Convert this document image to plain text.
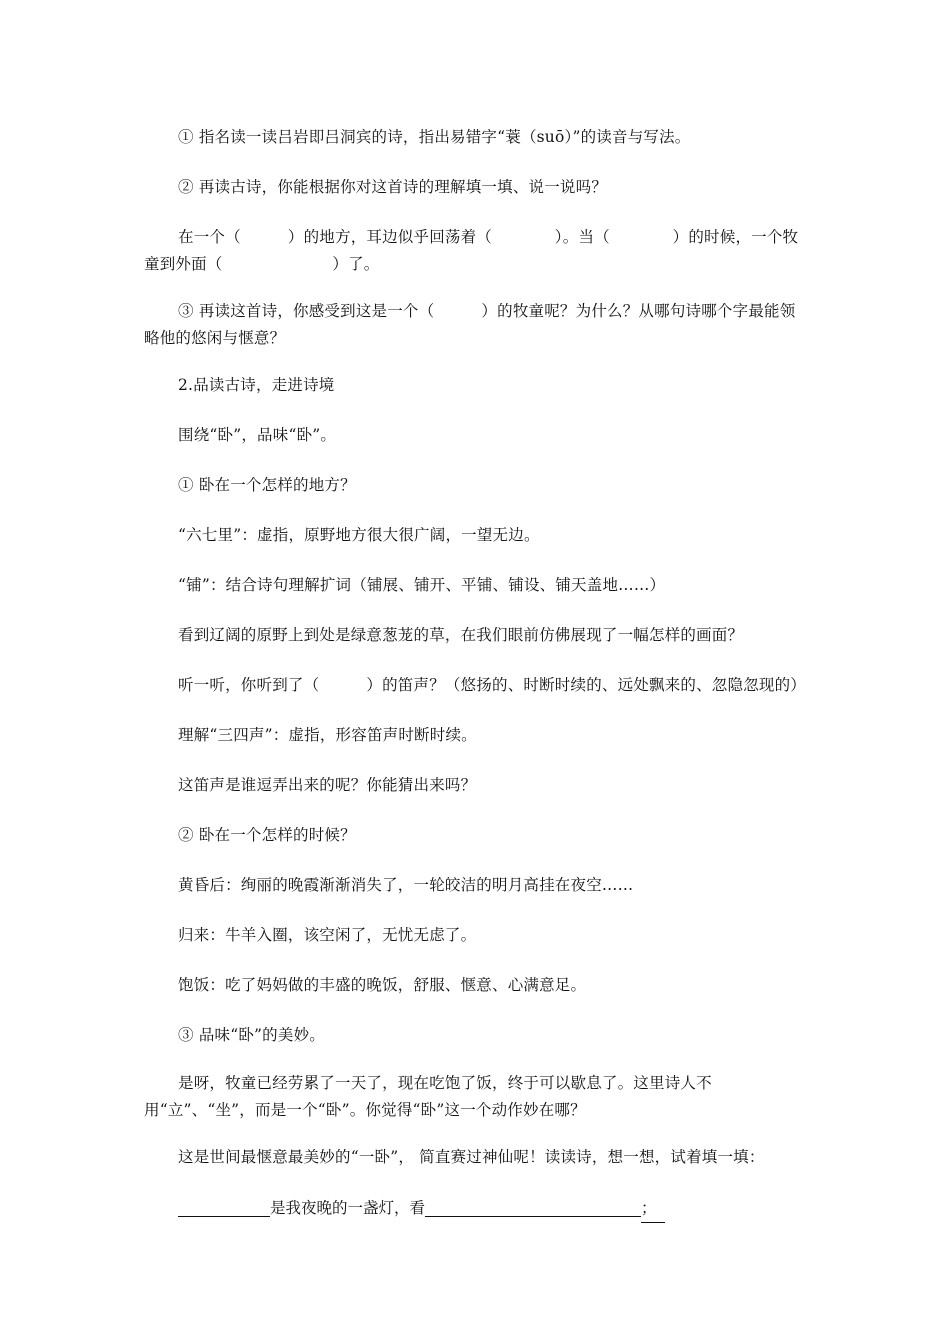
① 指名读一读吕岩即吕洞宾的诗，指出易错字“蓑（suō）”的读音与写法。
② 再读古诗，你能根据你对这首诗的理解填一填、说一说吗？
在一个（　　　）的地方，耳边似乎回荡着（　　　　）。当（　　　　）的时候，一个牧童到外面（　　　　　　　）了。
③ 再读这首诗，你感受到这是一个（　　　）的牧童呢？为什么？从哪句诗哪个字最能领略他的悠闲与惬意？
2.品读古诗，走进诗境
围绕“卧”，品味“卧”。
① 卧在一个怎样的地方？
“六七里”：虚指，原野地方很大很广阔，一望无边。
“铺”：结合诗句理解扩词（铺展、铺开、平铺、铺设、铺天盖地……）
看到辽阔的原野上到处是绿意葱茏的草，在我们眼前仿佛展现了一幅怎样的画面？
听一听，你听到了（　　　）的笛声？（悠扬的、时断时续的、远处飘来的、忽隐忽现的）
理解“三四声”：虚指，形容笛声时断时续。
这笛声是谁逗弄出来的呢？你能猜出来吗？
② 卧在一个怎样的时候？
黄昏后：绚丽的晚霞渐渐消失了，一轮皎洁的明月高挂在夜空……
归来：牛羊入圈，该空闲了，无忧无虑了。
饱饭：吃了妈妈做的丰盛的晚饭，舒服、惬意、心满意足。
③ 品味“卧”的美妙。
是呀，牧童已经劳累了一天了，现在吃饱了饭，终于可以歇息了。这里诗人不用“立”、“坐”，而是一个“卧”。你觉得“卧”这一个动作妙在哪？
这是世间最惬意最美妙的“一卧”， 简直赛过神仙呢！读读诗，想一想，试着填一填：
是我夜晚的一盏灯，看	；
